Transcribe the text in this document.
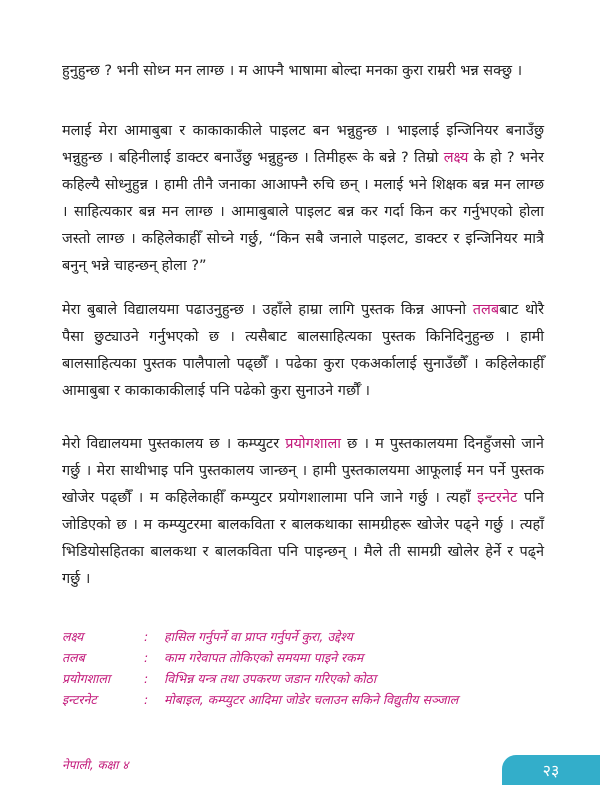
हुनुहुन्छ ? भनी सोध्न मन लाग्छ । म आफ्नै भाषामा बोल्दा मनका कुरा राम्ररी भन्न सक्छु ।

मलाई मेरा आमाबुबा र काकाकाकीले पाइलट बन भन्नुहुन्छ । भाइलाई इन्जिनियर बनाउँछु भन्नुहुन्छ । बहिनीलाई डाक्टर बनाउँछु भन्नुहुन्छ । तिमीहरू के बन्ने ? तिम्रो लक्ष्य के हो ? भनेर कहिल्यै सोध्नुहुन्न । हामी तीनै जनाका आआफ्नै रुचि छन् । मलाई भने शिक्षक बन्न मन लाग्छ । साहित्यकार बन्न मन लाग्छ । आमाबुबाले पाइलट बन्न कर गर्दा किन कर गर्नुभएको होला जस्तो लाग्छ । कहिलेकाहीँ सोच्ने गर्छु, “किन सबै जनाले पाइलट, डाक्टर र इन्जिनियर मात्रै बनुन् भन्ने चाहन्छन् होला ?”

मेरा बुबाले विद्यालयमा पढाउनुहुन्छ । उहाँले हाम्रा लागि पुस्तक किन्न आफ्नो तलबबाट थोरै पैसा छुट्याउने गर्नुभएको छ । त्यसैबाट बालसाहित्यका पुस्तक किनिदिनुहुन्छ । हामी बालसाहित्यका पुस्तक पालैपालो पढ्छौँ । पढेका कुरा एकअर्कालाई सुनाउँछौँ । कहिलेकाहीँ आमाबुबा र काकाकाकीलाई पनि पढेको कुरा सुनाउने गर्छौँ ।

मेरो विद्यालयमा पुस्तकालय छ । कम्प्युटर प्रयोगशाला छ । म पुस्तकालयमा दिनहुँजसो जाने गर्छु । मेरा साथीभाइ पनि पुस्तकालय जान्छन् । हामी पुस्तकालयमा आफूलाई मन पर्ने पुस्तक खोजेर पढ्छौँ । म कहिलेकाहीँ कम्प्युटर प्रयोगशालामा पनि जाने गर्छु । त्यहाँ इन्टरनेट पनि जोडिएको छ । म कम्प्युटरमा बालकविता र बालकथाका सामग्रीहरू खोजेर पढ्ने गर्छु । त्यहाँ भिडियोसहितका बालकथा र बालकविता पनि पाइन्छन् । मैले ती सामग्री खोलेर हेर्ने र पढ्ने गर्छु ।

लक्ष्य	:	हासिल गर्नुपर्ने वा प्राप्त गर्नुपर्ने कुरा, उद्देश्य
तलब	:	काम गरेवापत तोकिएको समयमा पाइने रकम
प्रयोगशाला	:	विभिन्न यन्त्र तथा उपकरण जडान गरिएको कोठा
इन्टरनेट	:	मोबाइल, कम्प्युटर आदिमा जोडेर चलाउन सकिने विद्युतीय सञ्जाल
नेपाली, कक्षा ४	२३
